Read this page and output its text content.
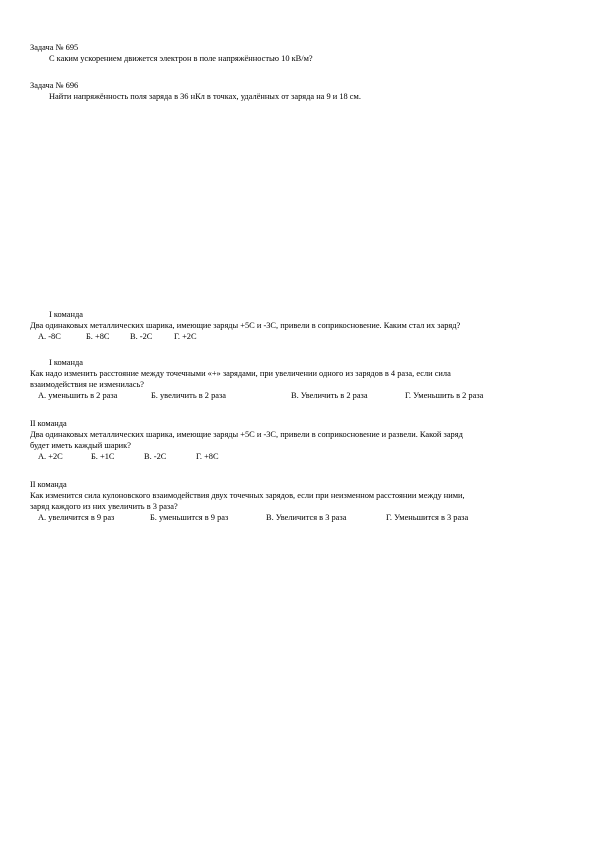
Задача № 695
С каким ускорением движется электрон в поле напряжённостью 10 кВ/м?
Задача № 696
Найти напряжённость поля заряда в 36 нКл в точках, удалённых от заряда на 9 и 18 см.
I команда
Два одинаковых металлических шарика, имеющие заряды +5С и -3С, привели в соприкосновение. Каким стал их заряд?
А. -8С	Б. +8С	В. -2С	Г. +2С
I команда
Как надо изменить расстояние между точечными «+» зарядами, при увеличении одного из зарядов в 4 раза, если сила
взаимодействия не изменилась?
А. уменьшить в 2 раза	Б. увеличить в 2 раза	В. Увеличить в 2 раза	Г. Уменьшить в 2 раза
II команда
Два одинаковых металлических шарика, имеющие заряды +5С и -3С, привели в соприкосновение и развели. Какой заряд
будет иметь каждый шарик?
А. +2С	Б. +1С	В. -2С	Г. +8С
II команда
Как изменится сила кулоновского взаимодействия двух точечных зарядов, если при неизменном расстоянии между ними,
заряд каждого из них увеличить в 3 раза?
А. увеличится в 9 раз	Б. уменьшится в 9 раз	В. Увеличится в 3 раза	Г. Уменьшится в 3 раза
